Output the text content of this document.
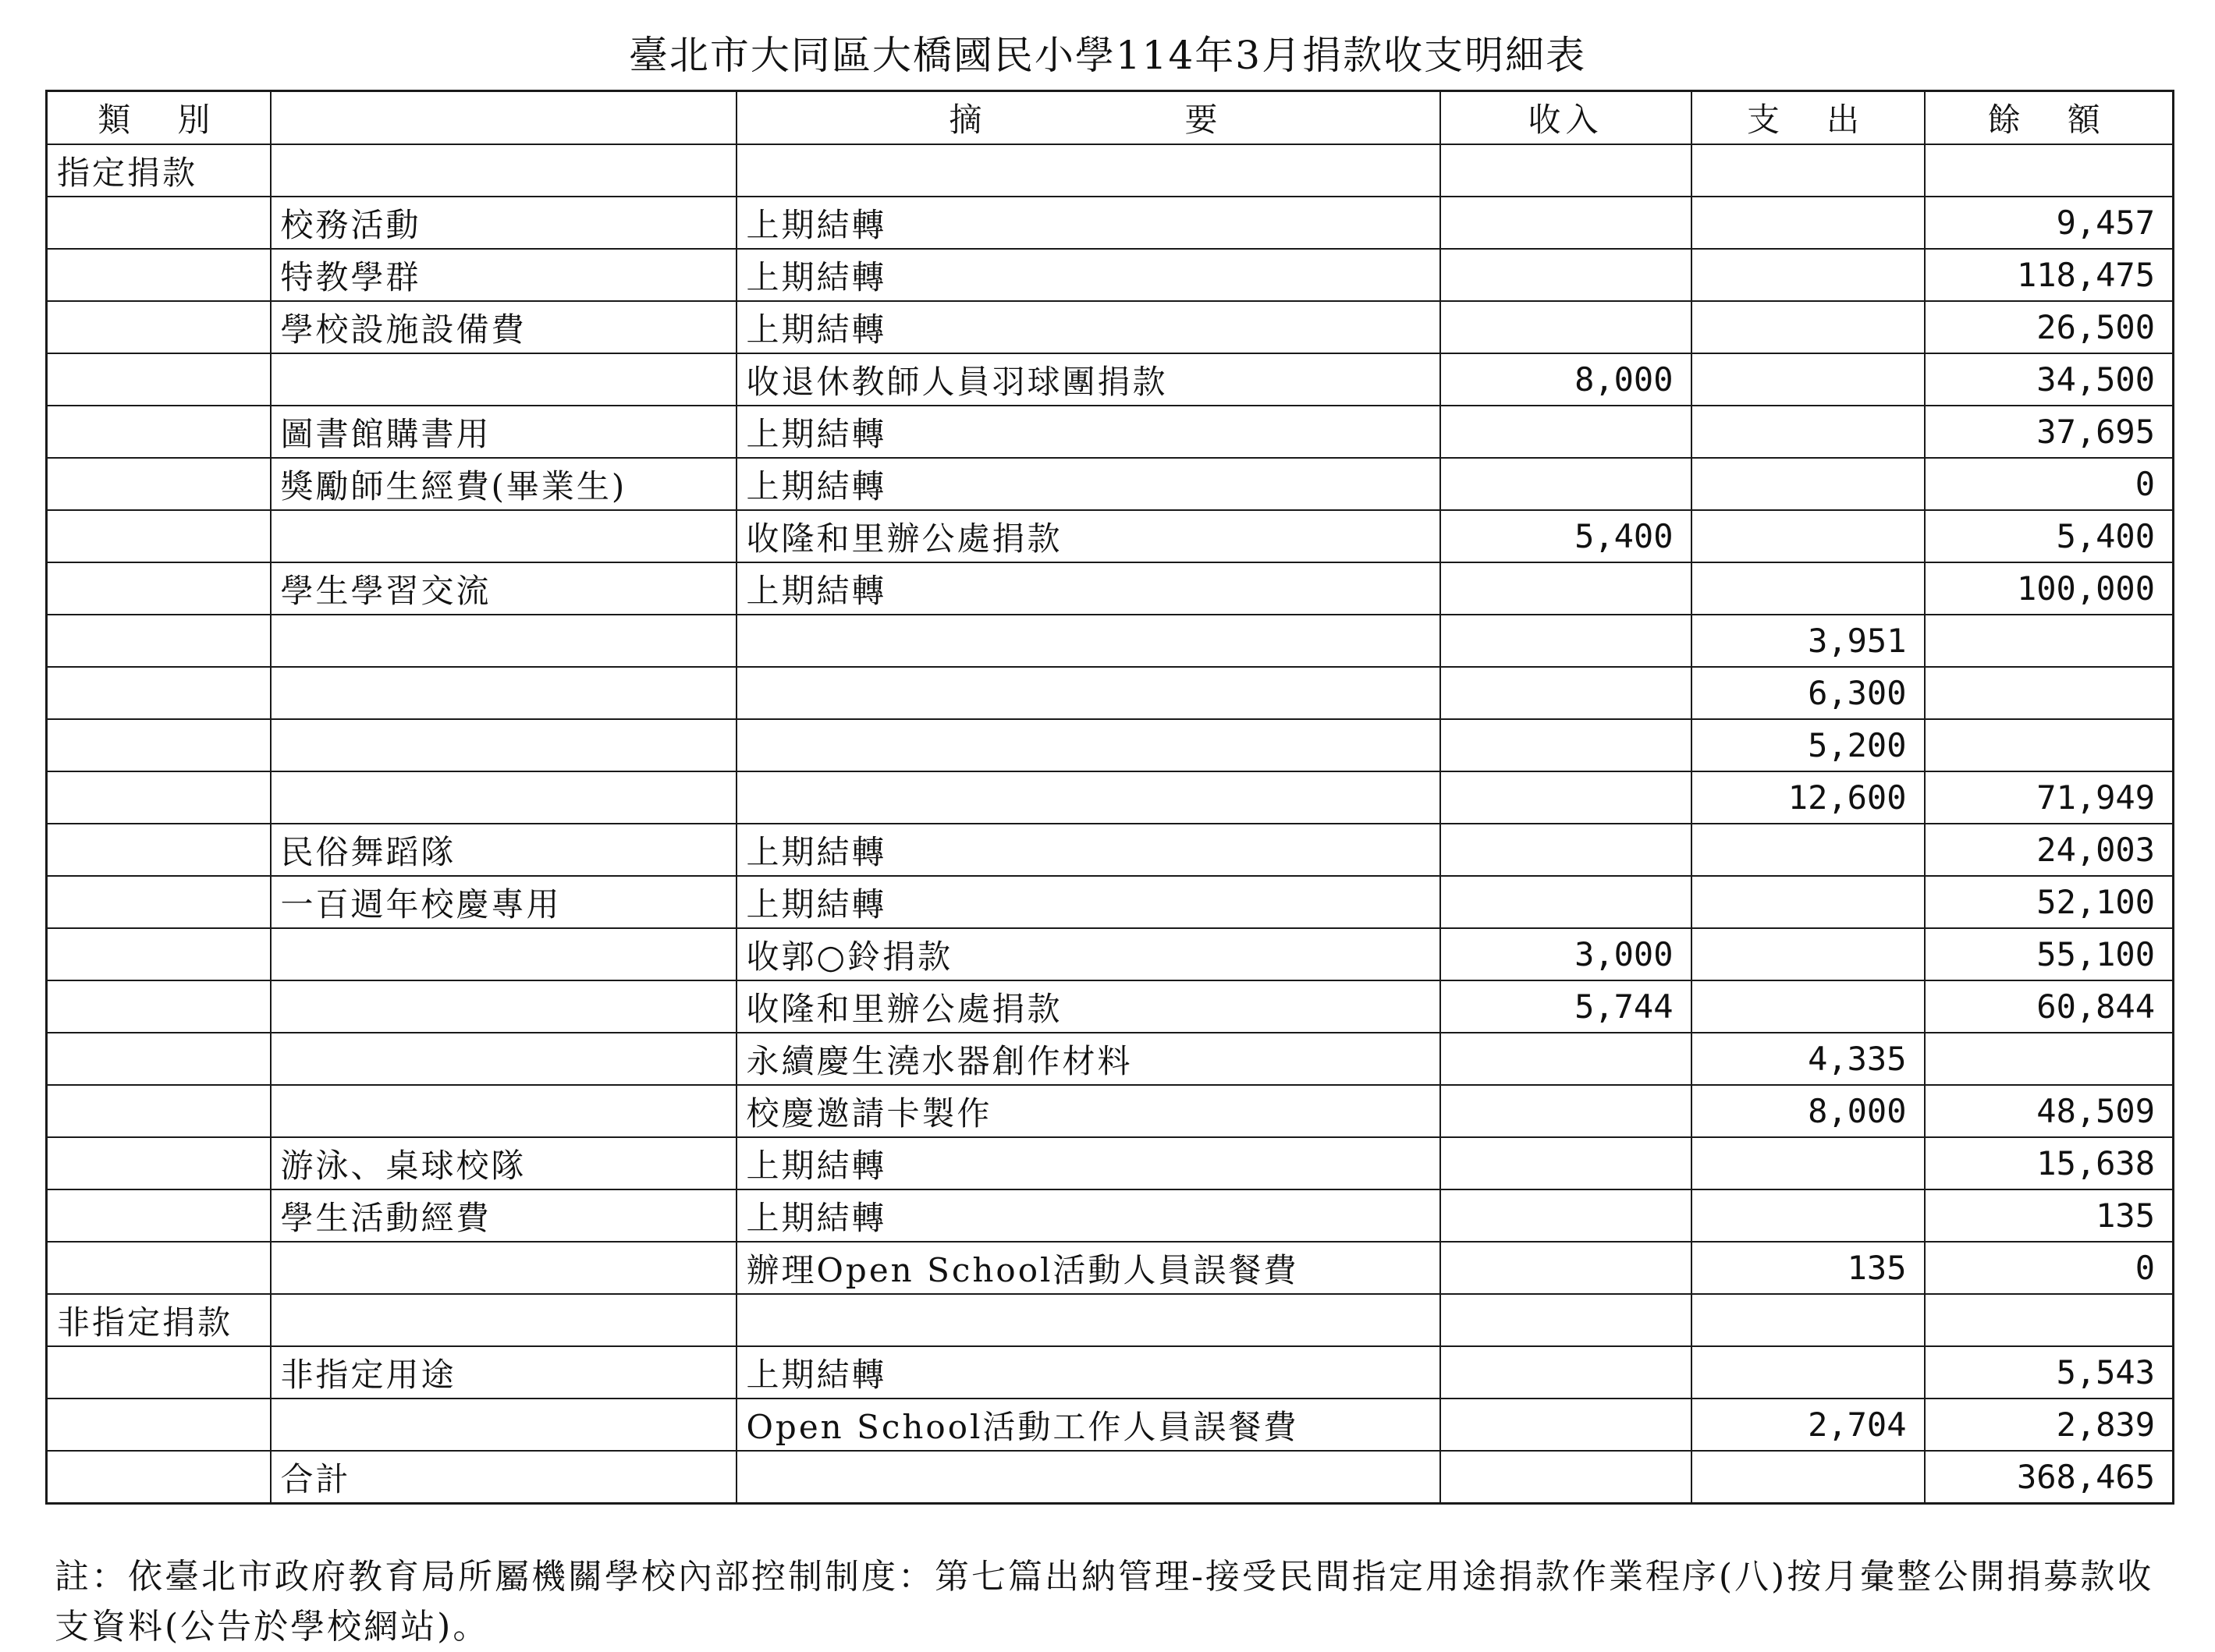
臺北市大同區大橋國民小學114年3月捐款收支明細表
類別		摘要	收入	支出	餘額
指定捐款					
	校務活動	上期結轉			9,457
	特教學群	上期結轉			118,475
	學校設施設備費	上期結轉			26,500
		收退休教師人員羽球團捐款	8,000		34,500
	圖書館購書用	上期結轉			37,695
	獎勵師生經費(畢業生)	上期結轉			0
		收隆和里辦公處捐款	5,400		5,400
	學生學習交流	上期結轉			100,000
				3,951	
				6,300	
				5,200	
				12,600	71,949
	民俗舞蹈隊	上期結轉			24,003
	一百週年校慶專用	上期結轉			52,100
		收郭○鈴捐款	3,000		55,100
		收隆和里辦公處捐款	5,744		60,844
		永續慶生澆水器創作材料		4,335	
		校慶邀請卡製作		8,000	48,509
	游泳、桌球校隊	上期結轉			15,638
	學生活動經費	上期結轉			135
		辦理Open School活動人員誤餐費		135	0
非指定捐款					
	非指定用途	上期結轉			5,543
		Open School活動工作人員誤餐費		2,704	2,839
	合計				368,465
註：依臺北市政府教育局所屬機關學校內部控制制度：第七篇出納管理-接受民間指定用途捐款作業程序(八)按月彙整公開捐募款收支資料(公告於學校網站)。
